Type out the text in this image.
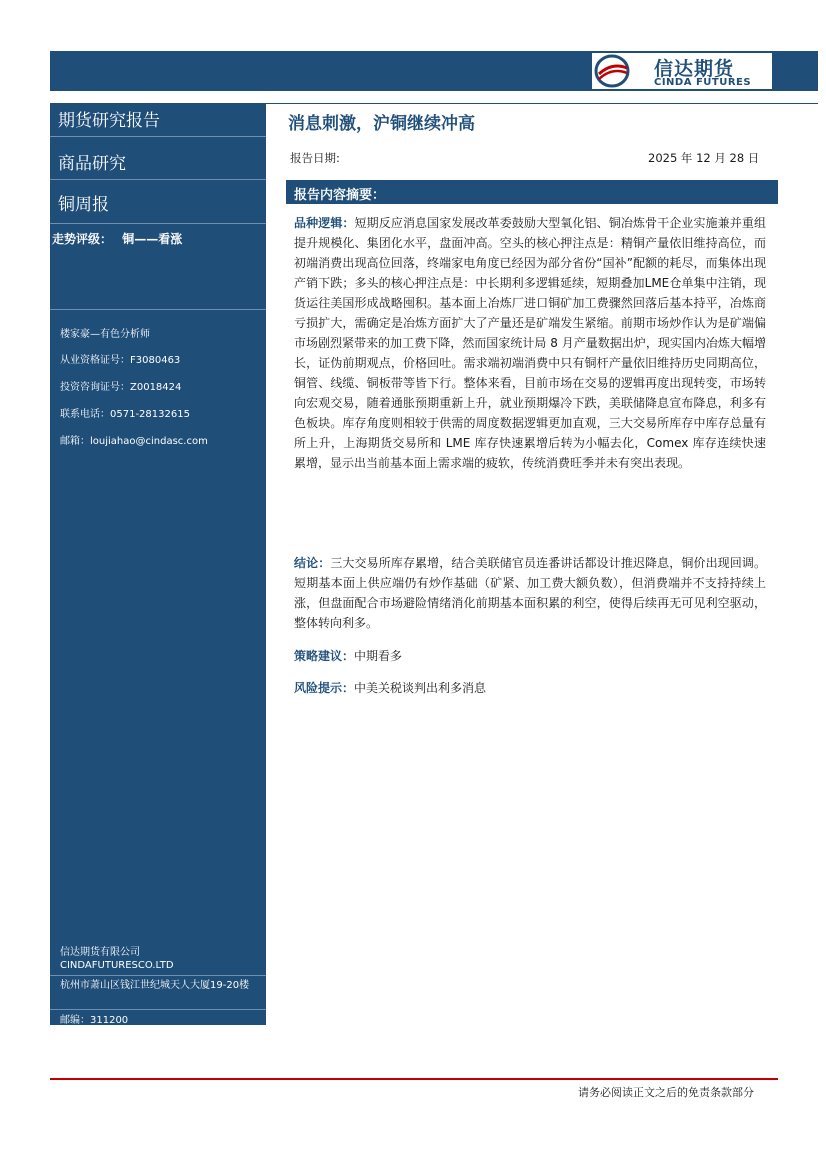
信达期货
CINDA FUTURES
期货研究报告
商品研究
铜周报
走势评级： 铜——看涨
楼家豪—有色分析师
从业资格证号：F3080463
投资咨询证号：Z0018424
联系电话：0571-28132615
邮箱：loujiahao@cindasc.com
信达期货有限公司
CINDAFUTURESCO.LTD
杭州市萧山区钱江世纪城天人大厦19-20楼
邮编：311200
消息刺激，沪铜继续冲高
报告日期:	2025 年 12 月 28 日
报告内容摘要：
品种逻辑：短期反应消息国家发展改革委鼓励大型氧化铝、铜冶炼骨干企业实施兼并重组提升规模化、集团化水平，盘面冲高。空头的核心押注点是：精铜产量依旧维持高位，而初端消费出现高位回落，终端家电角度已经因为部分省份“国补”配额的耗尽，而集体出现产销下跌；多头的核心押注点是：中长期利多逻辑延续，短期叠加LME仓单集中注销，现货运往美国形成战略囤积。基本面上冶炼厂进口铜矿加工费骤然回落后基本持平，冶炼商亏损扩大，需确定是冶炼方面扩大了产量还是矿端发生紧缩。前期市场炒作认为是矿端偏市场剧烈紧带来的加工费下降，然而国家统计局 8 月产量数据出炉，现实国内冶炼大幅增长，证伪前期观点，价格回吐。需求端初端消费中只有铜杆产量依旧维持历史同期高位，铜管、线缆、铜板带等皆下行。整体来看，目前市场在交易的逻辑再度出现转变，市场转向宏观交易，随着通胀预期重新上升，就业预期爆冷下跌，美联储降息宣布降息，利多有色板块。库存角度则相较于供需的周度数据逻辑更加直观，三大交易所库存中库存总量有所上升，上海期货交易所和 LME 库存快速累增后转为小幅去化，Comex 库存连续快速累增，显示出当前基本面上需求端的疲软，传统消费旺季并未有突出表现。
结论：三大交易所库存累增，结合美联储官员连番讲话都设计推迟降息，铜价出现回调。短期基本面上供应端仍有炒作基础（矿紧、加工费大额负数），但消费端并不支持持续上涨，但盘面配合市场避险情绪消化前期基本面积累的利空，使得后续再无可见利空驱动，整体转向利多。
策略建议：中期看多
风险提示：中美关税谈判出利多消息
请务必阅读正文之后的免责条款部分
